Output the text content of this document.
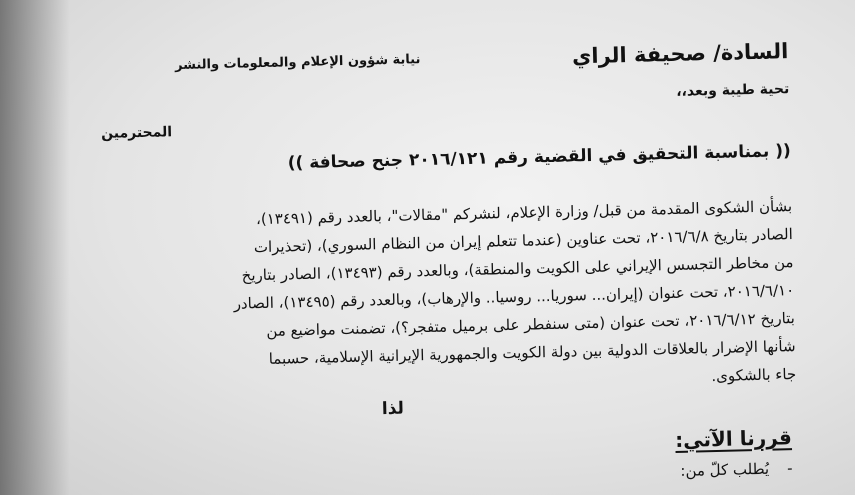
السادة/ صحيفة الراي

نيابة شؤون الإعلام والمعلومات والنشر

تحية طيبة وبعد،،

المحترمين

(( بمناسبة التحقيق في القضية رقم ٢٠١٦/١٢١ جنح صحافة ))

بشأن الشكوى المقدمة من قبل/ وزارة الإعلام، لنشركم "مقالات"، بالعدد رقم (١٣٤٩١)،

الصادر بتاريخ ٢٠١٦/٦/٨، تحت عناوين (عندما تتعلم إيران من النظام السوري)، (تحذيرات

من مخاطر التجسس الإيراني على الكويت والمنطقة)، وبالعدد رقم (١٣٤٩٣)، الصادر بتاريخ

٢٠١٦/٦/١٠، تحت عنوان (إيران... سوريا... روسيا.. والإرهاب)، وبالعدد رقم (١٣٤٩٥)، الصادر

بتاريخ ٢٠١٦/٦/١٢، تحت عنوان (متى سنفطر على برميل متفجر؟)، تضمنت مواضيع من

شأنها الإضرار بالعلاقات الدولية بين دولة الكويت والجمهورية الإيرانية الإسلامية، حسبما

جاء بالشكوى.

لذا

قررنا الآتي:

-يُطلب كلّ من:
